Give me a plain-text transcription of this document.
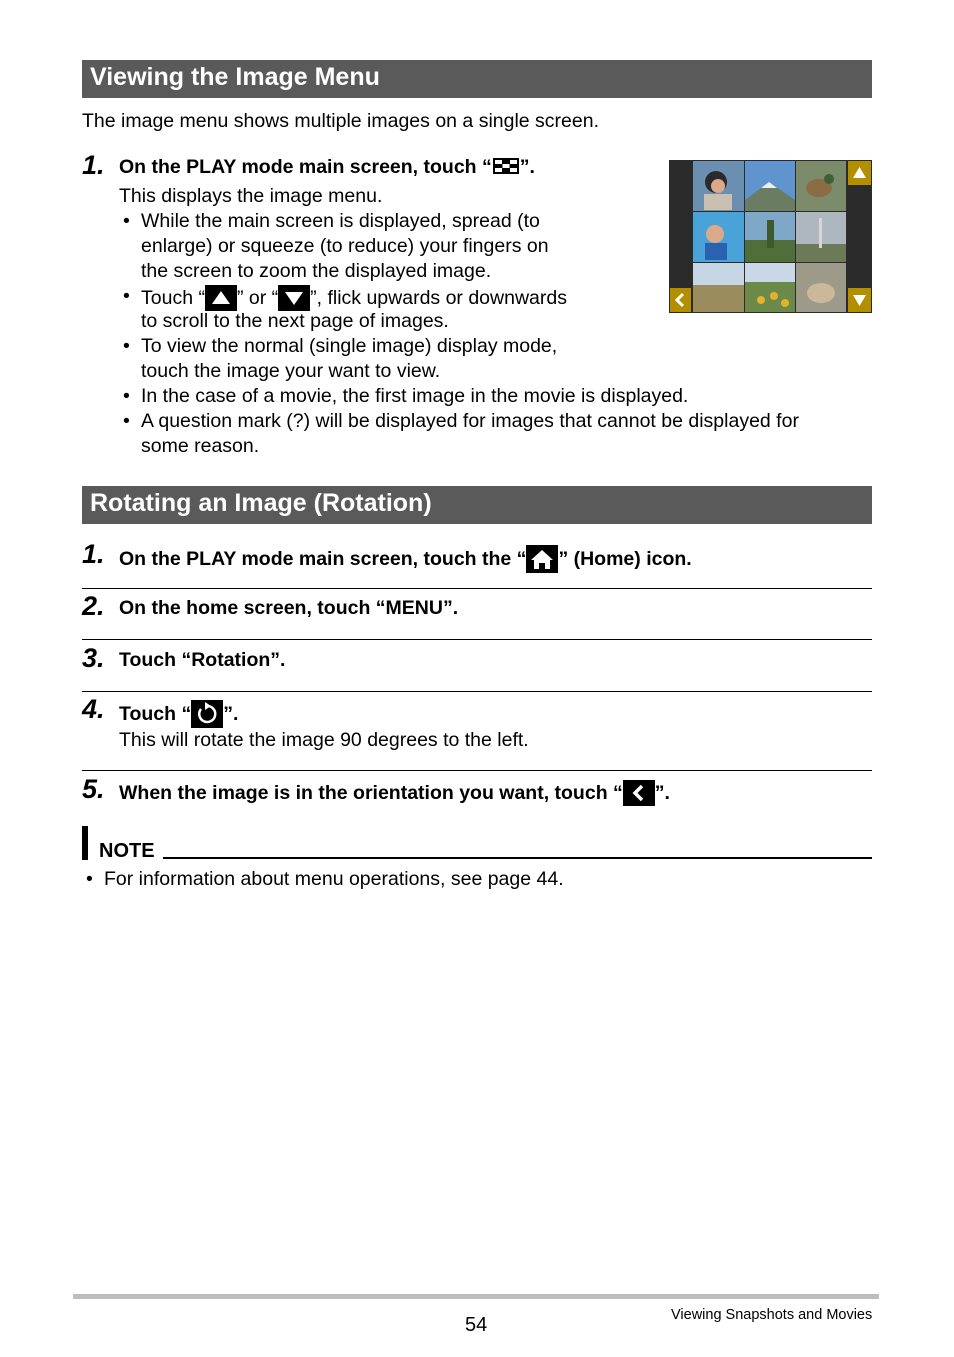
Viewing the Image Menu
The image menu shows multiple images on a single screen.
1. On the PLAY mode main screen, touch “ ”.
This displays the image menu.
• While the main screen is displayed, spread (to
enlarge) or squeeze (to reduce) your fingers on
the screen to zoom the displayed image.
• Touch “ ” or “ ”, flick upwards or downwards
to scroll to the next page of images.
• To view the normal (single image) display mode,
touch the image your want to view.
• In the case of a movie, the first image in the movie is displayed.
• A question mark (?) will be displayed for images that cannot be displayed for
some reason.
Rotating an Image (Rotation)
1. On the PLAY mode main screen, touch the “ ” (Home) icon.
2. On the home screen, touch “MENU”.
3. Touch “Rotation”.
4. Touch “ ”.
This will rotate the image 90 degrees to the left.
5. When the image is in the orientation you want, touch “ ”.
NOTE
• For information about menu operations, see page 44.
54	Viewing Snapshots and Movies
